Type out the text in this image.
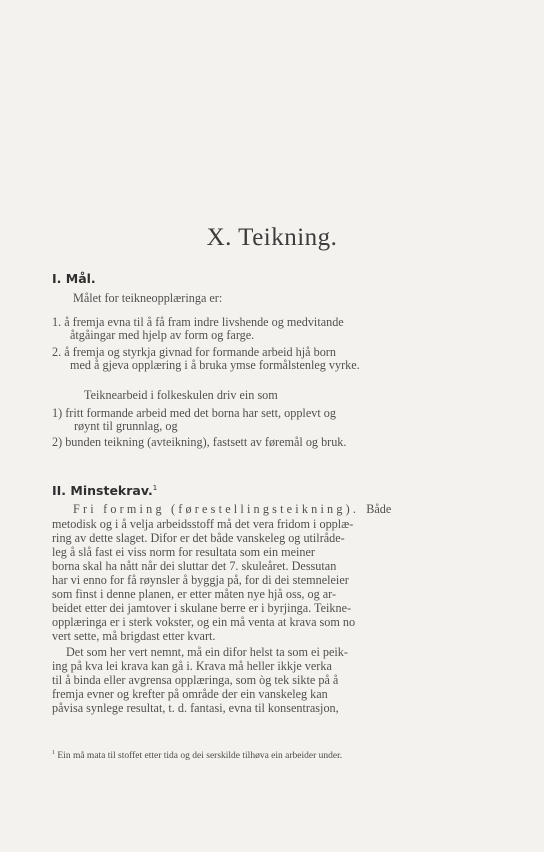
X. Teikning.
I. Mål.
Målet for teikneopplæringa er:
1. å fremja evna til å få fram indre livshende og medvitande
åtgåingar med hjelp av form og farge.
2. å fremja og styrkja givnad for formande arbeid hjå born
med å gjeva opplæring i å bruka ymse formålstenleg vyrke.
Teiknearbeid i folkeskulen driv ein som
1) fritt formande arbeid med det borna har sett, opplevt og
røynt til grunnlag, og
2) bunden teikning (avteikning), fastsett av føremål og bruk.
II. Minstekrav.$^1$
Fri forming (førestellingsteikning). Både
metodisk og i å velja arbeidsstoff må det vera fridom i opplæ-
ring av dette slaget. Difor er det både vanskeleg og utilråde-
leg å slå fast ei viss norm for resultata som ein meiner
borna skal ha nått når dei sluttar det 7. skuleåret. Dessutan
har vi enno for få røynsler å byggja på, for di dei stemneleier
som finst i denne planen, er etter måten nye hjå oss, og ar-
beidet etter dei jamtover i skulane berre er i byrjinga. Teikne-
opplæringa er i sterk vokster, og ein må venta at krava som no
vert sette, må brigdast etter kvart.
Det som her vert nemnt, må ein difor helst ta som ei peik-
ing på kva lei krava kan gå i. Krava må heller ikkje verka
til å binda eller avgrensa opplæringa, som òg tek sikte på å
fremja evner og krefter på område der ein vanskeleg kan
påvisa synlege resultat, t. d. fantasi, evna til konsentrasjon,
$^1$ Ein må mata til stoffet etter tida og dei serskilde tilhøva ein arbeider under.
